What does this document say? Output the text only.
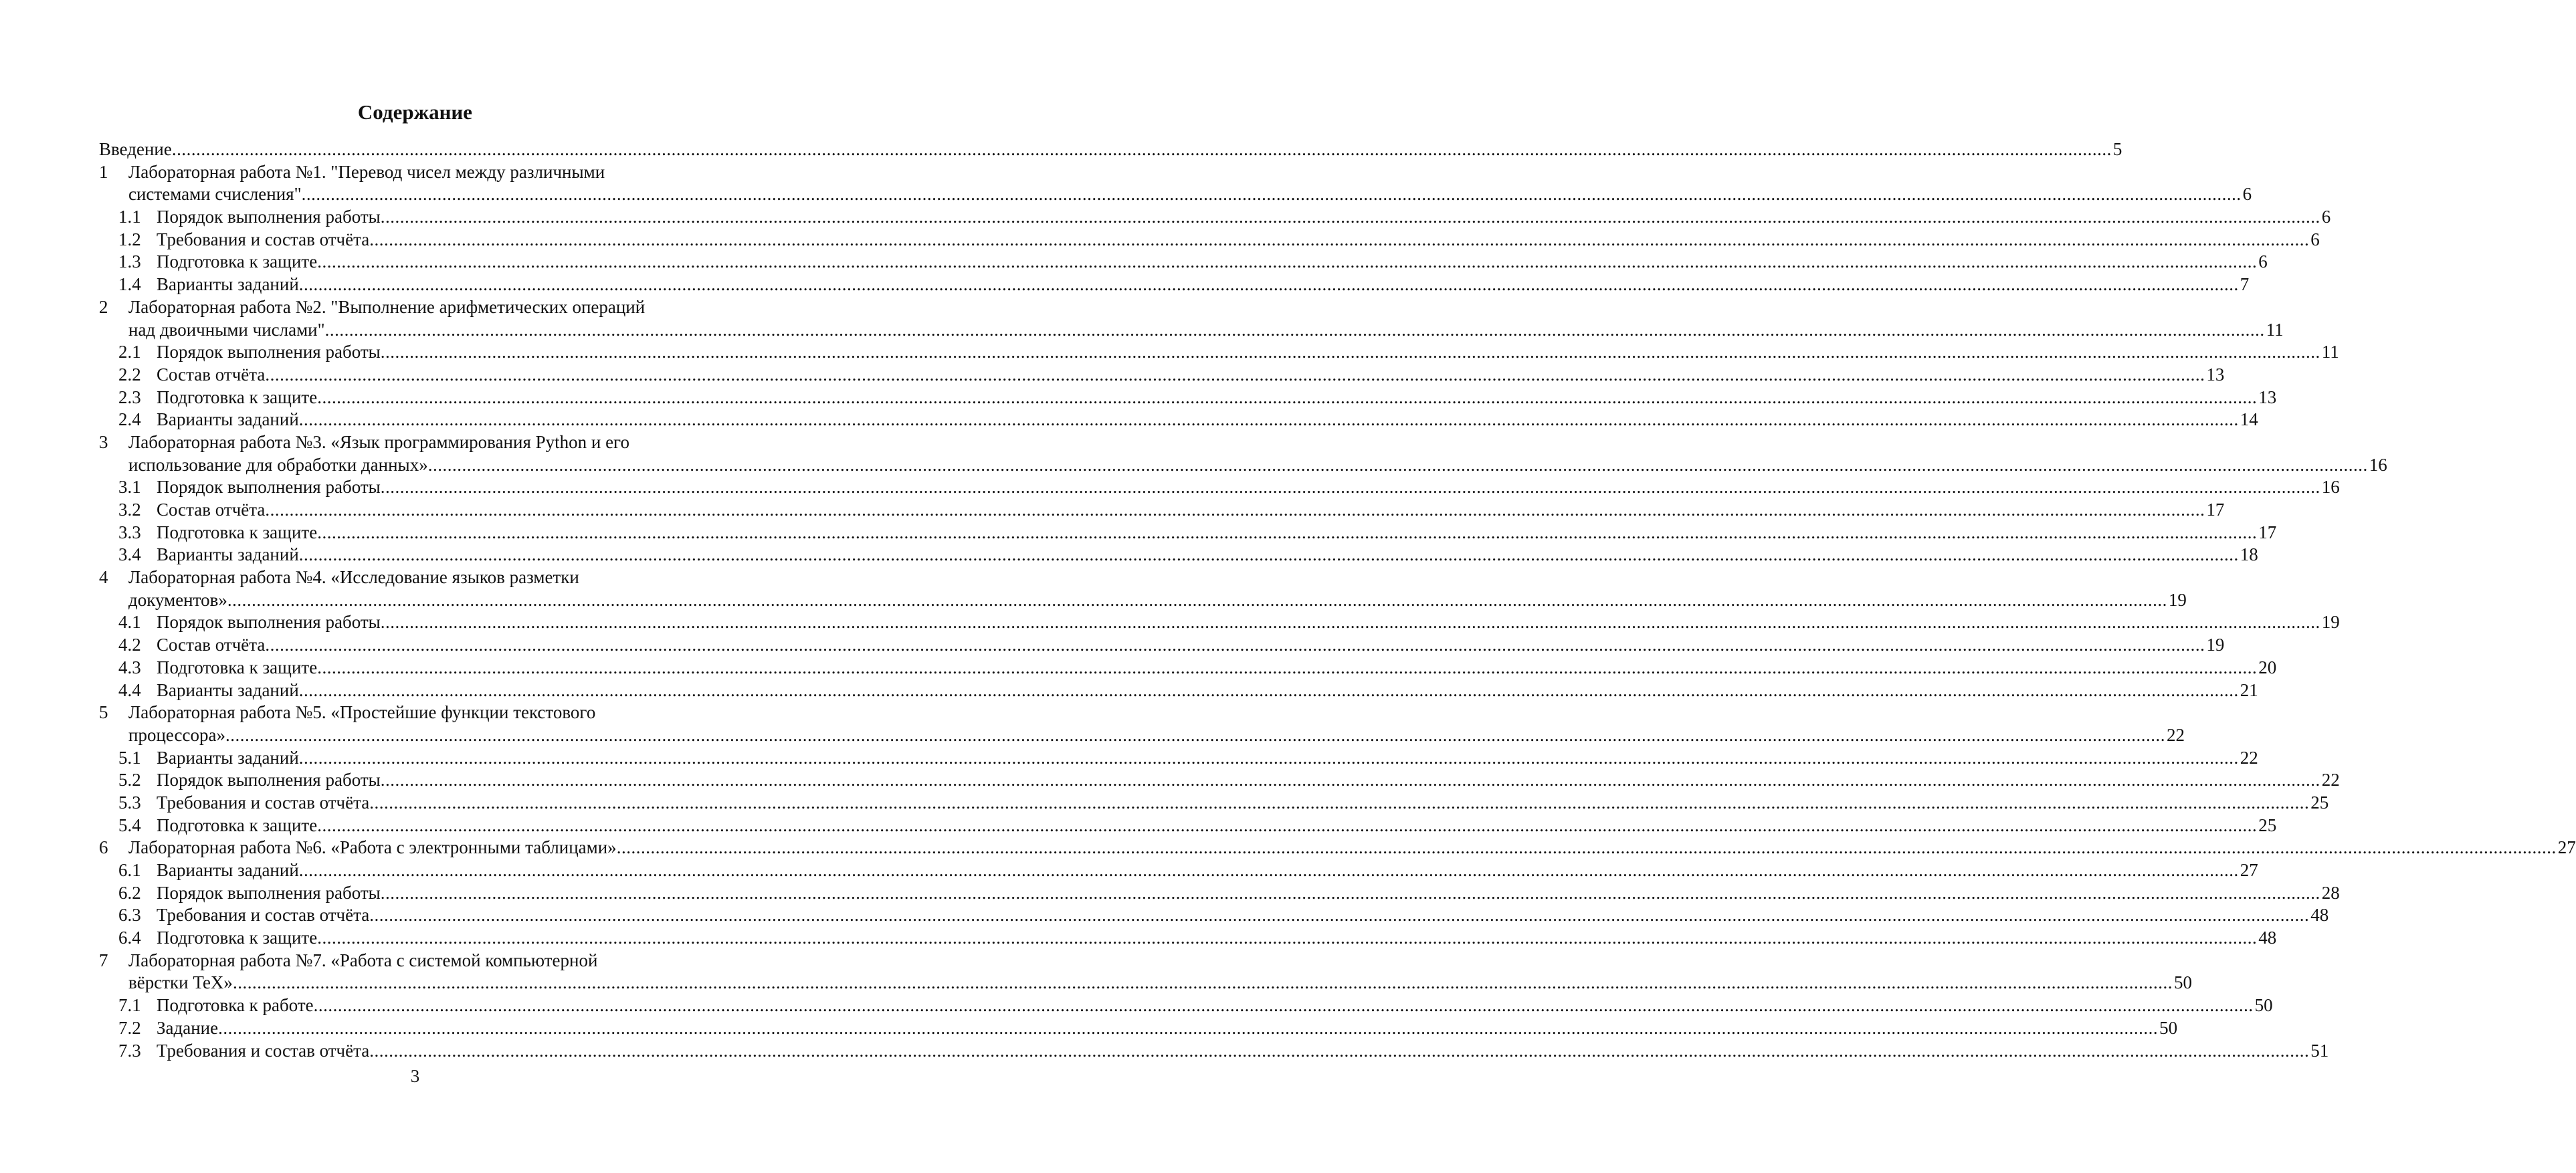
Содержание
Введение ................................................................................................................................................................................................................................................................................................................................................................................................................ 5
1 Лабораторная работа №1. "Перевод чисел между различными
системами счисления" ................................................................................................................................................................................................................................................................................................................................................................................................................ 6
1.1 Порядок выполнения работы ................................................................................................................................................................................................................................................................................................................................................................................................................ 6
1.2 Требования и состав отчёта ................................................................................................................................................................................................................................................................................................................................................................................................................ 6
1.3 Подготовка к защите ................................................................................................................................................................................................................................................................................................................................................................................................................ 6
1.4 Варианты заданий ................................................................................................................................................................................................................................................................................................................................................................................................................ 7
2 Лабораторная работа №2. "Выполнение арифметических операций
над двоичными числами" ................................................................................................................................................................................................................................................................................................................................................................................................................ 11
2.1 Порядок выполнения работы ................................................................................................................................................................................................................................................................................................................................................................................................................ 11
2.2 Состав отчёта ................................................................................................................................................................................................................................................................................................................................................................................................................ 13
2.3 Подготовка к защите ................................................................................................................................................................................................................................................................................................................................................................................................................ 13
2.4 Варианты заданий ................................................................................................................................................................................................................................................................................................................................................................................................................ 14
3 Лабораторная работа №3. «Язык программирования Python и его
использование для обработки данных» ................................................................................................................................................................................................................................................................................................................................................................................................................ 16
3.1 Порядок выполнения работы ................................................................................................................................................................................................................................................................................................................................................................................................................ 16
3.2 Состав отчёта ................................................................................................................................................................................................................................................................................................................................................................................................................ 17
3.3 Подготовка к защите ................................................................................................................................................................................................................................................................................................................................................................................................................ 17
3.4 Варианты заданий ................................................................................................................................................................................................................................................................................................................................................................................................................ 18
4 Лабораторная работа №4. «Исследование языков разметки
документов» ................................................................................................................................................................................................................................................................................................................................................................................................................ 19
4.1 Порядок выполнения работы ................................................................................................................................................................................................................................................................................................................................................................................................................ 19
4.2 Состав отчёта ................................................................................................................................................................................................................................................................................................................................................................................................................ 19
4.3 Подготовка к защите ................................................................................................................................................................................................................................................................................................................................................................................................................ 20
4.4 Варианты заданий ................................................................................................................................................................................................................................................................................................................................................................................................................ 21
5 Лабораторная работа №5. «Простейшие функции текстового
процессора» ................................................................................................................................................................................................................................................................................................................................................................................................................ 22
5.1 Варианты заданий ................................................................................................................................................................................................................................................................................................................................................................................................................ 22
5.2 Порядок выполнения работы ................................................................................................................................................................................................................................................................................................................................................................................................................ 22
5.3 Требования и состав отчёта ................................................................................................................................................................................................................................................................................................................................................................................................................ 25
5.4 Подготовка к защите ................................................................................................................................................................................................................................................................................................................................................................................................................ 25
6 Лабораторная работа №6. «Работа с электронными таблицами» ................................................................................................................................................................................................................................................................................................................................................................................................................ 27
6.1 Варианты заданий ................................................................................................................................................................................................................................................................................................................................................................................................................ 27
6.2 Порядок выполнения работы ................................................................................................................................................................................................................................................................................................................................................................................................................ 28
6.3 Требования и состав отчёта ................................................................................................................................................................................................................................................................................................................................................................................................................ 48
6.4 Подготовка к защите ................................................................................................................................................................................................................................................................................................................................................................................................................ 48
7 Лабораторная работа №7. «Работа с системой компьютерной
вёрстки TeX» ................................................................................................................................................................................................................................................................................................................................................................................................................ 50
7.1 Подготовка к работе ................................................................................................................................................................................................................................................................................................................................................................................................................ 50
7.2 Задание ................................................................................................................................................................................................................................................................................................................................................................................................................ 50
7.3 Требования и состав отчёта ................................................................................................................................................................................................................................................................................................................................................................................................................ 51
3
